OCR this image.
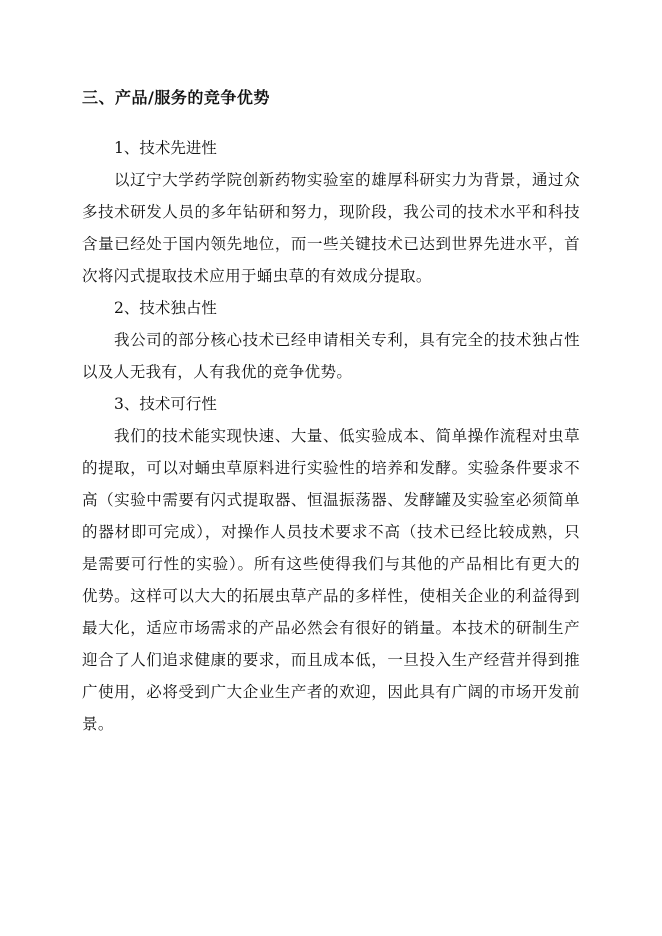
三、产品/服务的竞争优势

1、技术先进性

以辽宁大学药学院创新药物实验室的雄厚科研实力为背景，通过众多技术研发人员的多年钻研和努力，现阶段，我公司的技术水平和科技含量已经处于国内领先地位，而一些关键技术已达到世界先进水平，首次将闪式提取技术应用于蛹虫草的有效成分提取。

2、技术独占性

我公司的部分核心技术已经申请相关专利，具有完全的技术独占性以及人无我有，人有我优的竞争优势。

3、技术可行性

我们的技术能实现快速、大量、低实验成本、简单操作流程对虫草的提取，可以对蛹虫草原料进行实验性的培养和发酵。实验条件要求不高（实验中需要有闪式提取器、恒温振荡器、发酵罐及实验室必须简单的器材即可完成），对操作人员技术要求不高（技术已经比较成熟，只是需要可行性的实验）。所有这些使得我们与其他的产品相比有更大的优势。这样可以大大的拓展虫草产品的多样性，使相关企业的利益得到最大化，适应市场需求的产品必然会有很好的销量。本技术的研制生产迎合了人们追求健康的要求，而且成本低，一旦投入生产经营并得到推广使用，必将受到广大企业生产者的欢迎，因此具有广阔的市场开发前景。
